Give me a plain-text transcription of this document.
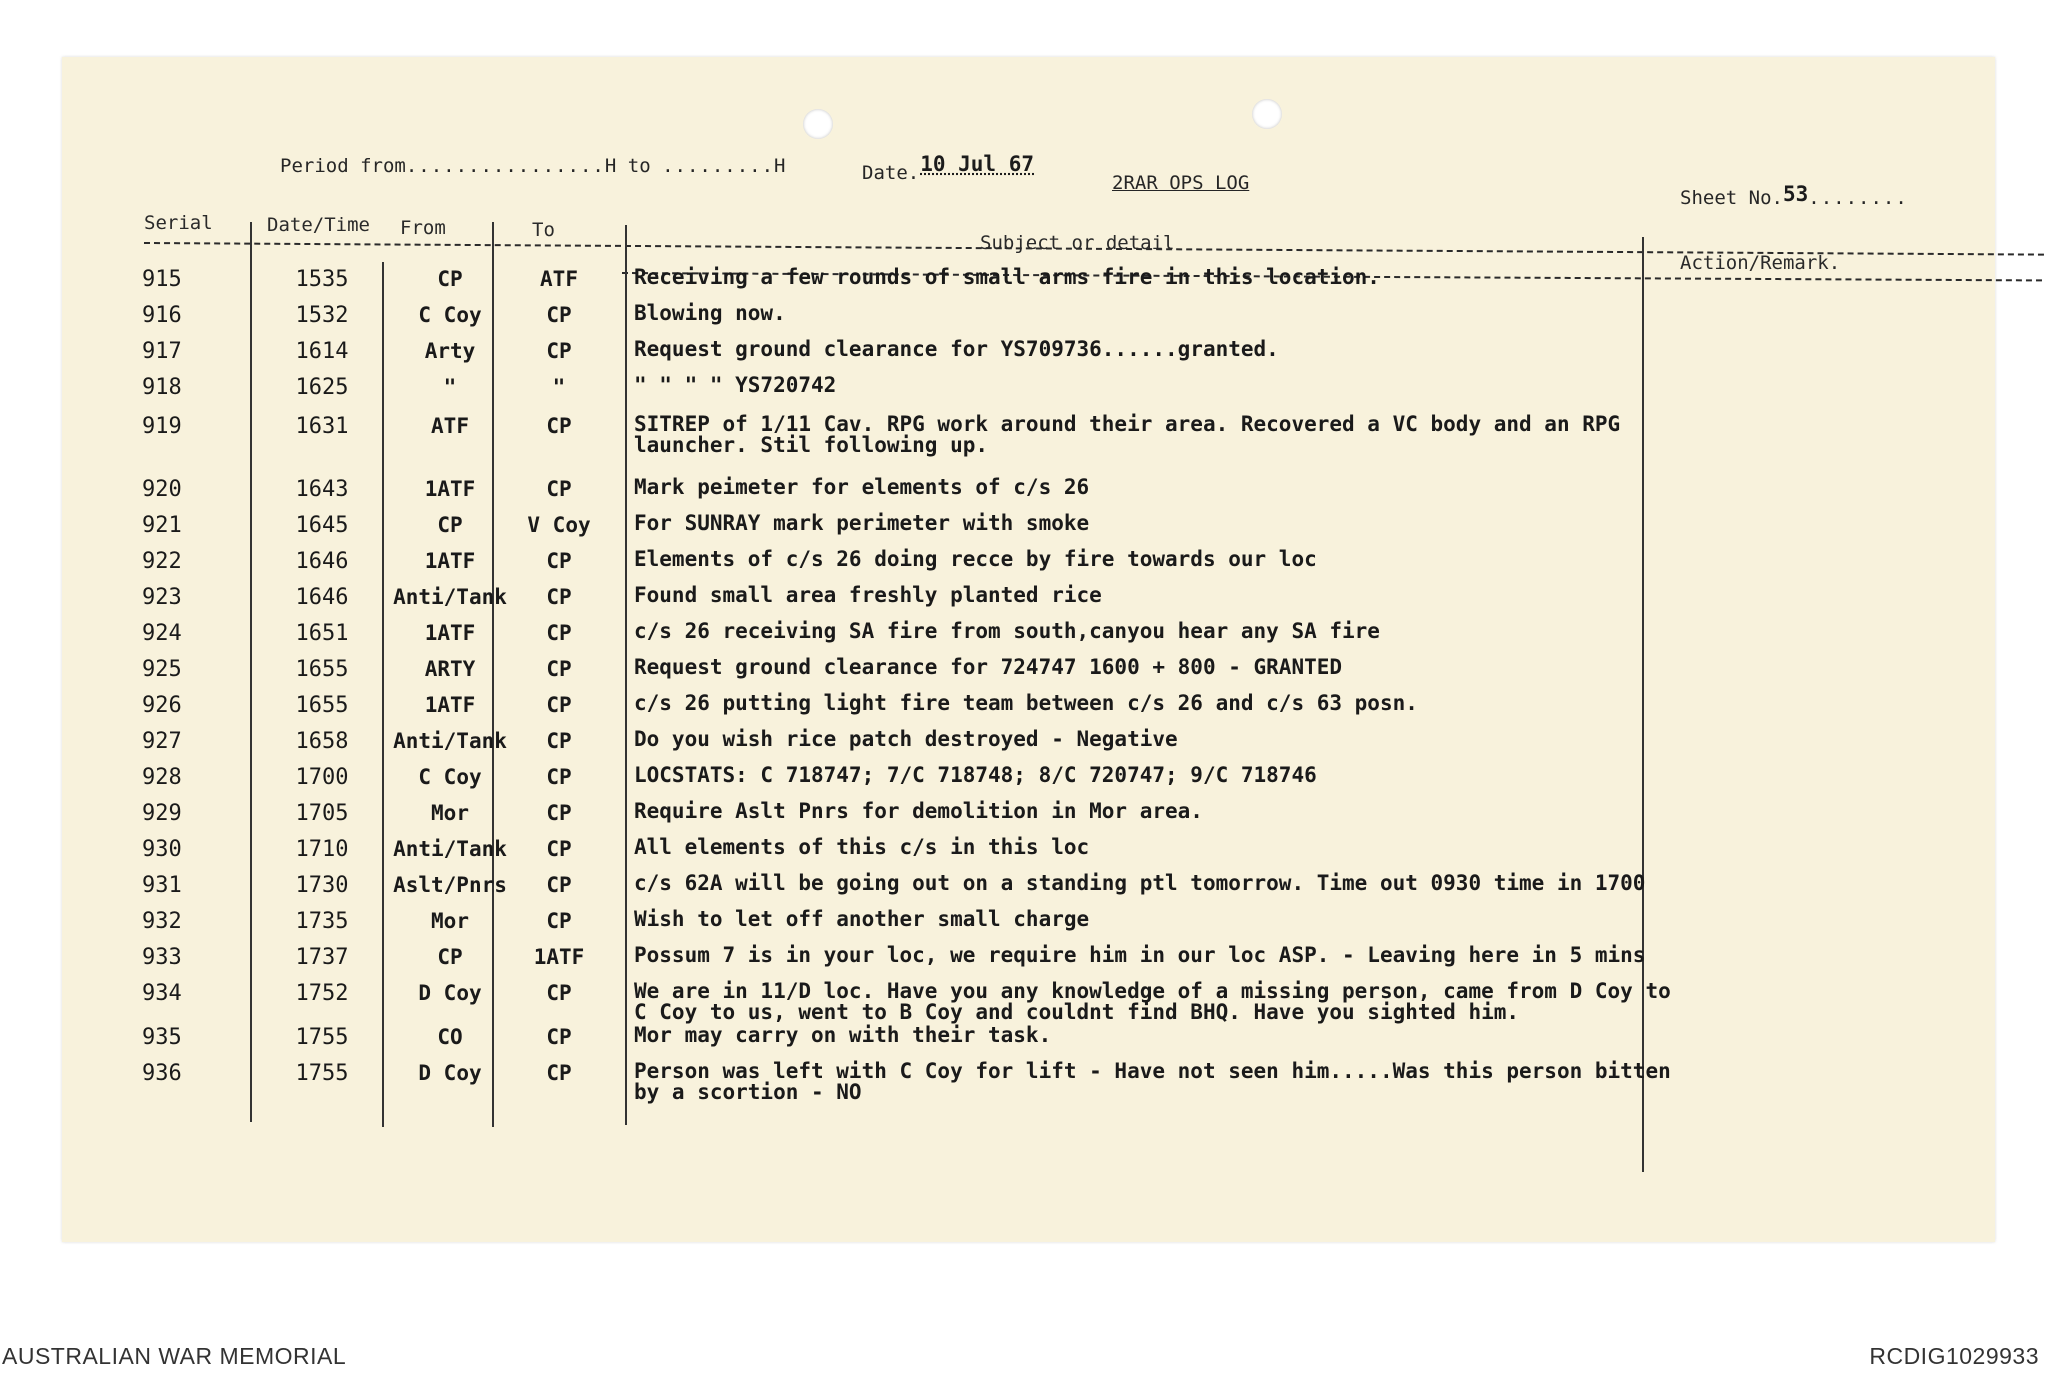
Period from................H to .........H	Date.10 Jul 67
2RAR OPS LOG
Sheet No.53........
Serial	Date/Time From	To
Subject or detail
Action/Remark.
915	1535	CP	ATF	Receiving a few rounds of small arms fire in this location.
916	1532	C Coy	CP	Blowing now.
917	1614	Arty	CP	Request ground clearance for YS709736......granted.
918	1625	"	"	" " " " YS720742
919	1631	ATF	CP	SITREP of 1/11 Cav. RPG work around their area. Recovered a VC body and an RPG launcher. Stil following up.
920	1643	1ATF	CP	Mark peimeter for elements of c/s 26
921	1645	CP	V Coy	For SUNRAY mark perimeter with smoke
922	1646	1ATF	CP	Elements of c/s 26 doing recce by fire towards our loc
923	1646	Anti/Tank	CP	Found small area freshly planted rice
924	1651	1ATF	CP	c/s 26 receiving SA fire from south,canyou hear any SA fire
925	1655	ARTY	CP	Request ground clearance for 724747 1600 + 800 - GRANTED
926	1655	1ATF	CP	c/s 26 putting light fire team between c/s 26 and c/s 63 posn.
927	1658	Anti/Tank	CP	Do you wish rice patch destroyed - Negative
928	1700	C Coy	CP	LOCSTATS: C 718747; 7/C 718748; 8/C 720747; 9/C 718746
929	1705	Mor	CP	Require Aslt Pnrs for demolition in Mor area.
930	1710	Anti/Tank	CP	All elements of this c/s in this loc
931	1730	Aslt/Pnrs	CP	c/s 62A will be going out on a standing ptl tomorrow. Time out 0930 time in 1700
932	1735	Mor	CP	Wish to let off another small charge
933	1737	CP	1ATF	Possum 7 is in your loc, we require him in our loc ASP. - Leaving here in 5 mins
934	1752	D Coy	CP	We are in 11/D loc. Have you any knowledge of a missing person, came from D Coy to C Coy to us, went to B Coy and couldnt find BHQ. Have you sighted him.
935	1755	CO	CP	Mor may carry on with their task.
936	1755	D Coy	CP	Person was left with C Coy for lift - Have not seen him.....Was this person bitten by a scortion - NO
AUSTRALIAN WAR MEMORIAL	RCDIG1029933
